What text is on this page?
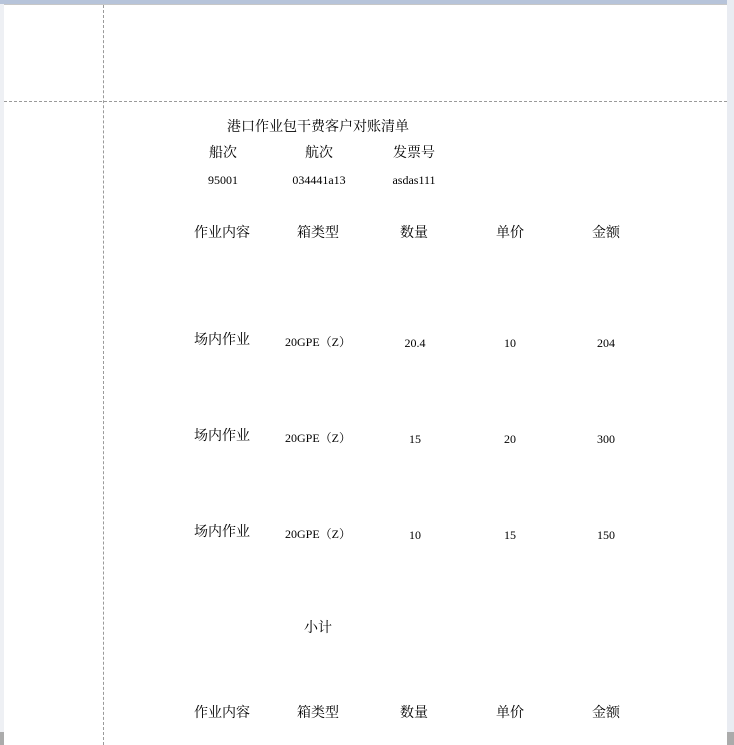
港口作业包干费客户对账清单
船次	航次	发票号
95001	034441a13	asdas111
作业内容	箱类型	数量	单价	金额
场内作业	20GPE（Z）	20.4	10	204
场内作业	20GPE（Z）	15	20	300
场内作业	20GPE（Z）	10	15	150
小计
作业内容	箱类型	数量	单价	金额
